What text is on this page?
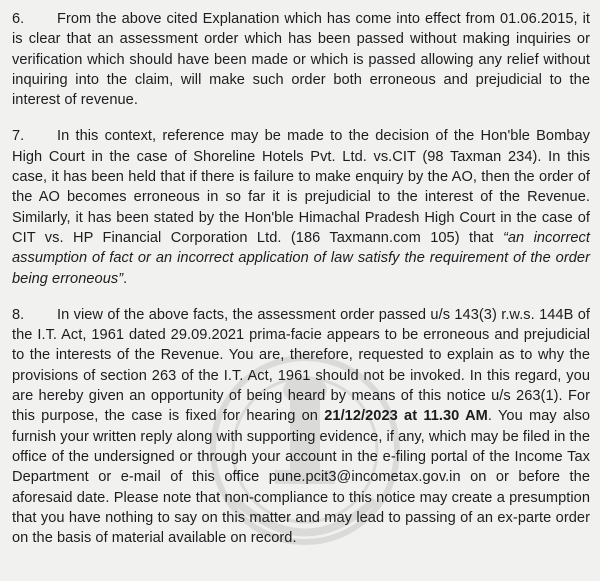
6. From the above cited Explanation which has come into effect from 01.06.2015, it is clear that an assessment order which has been passed without making inquiries or verification which should have been made or which is passed allowing any relief without inquiring into the claim, will make such order both erroneous and prejudicial to the interest of revenue.

7. In this context, reference may be made to the decision of the Hon'ble Bombay High Court in the case of Shoreline Hotels Pvt. Ltd. vs.CIT (98 Taxman 234). In this case, it has been held that if there is failure to make enquiry by the AO, then the order of the AO becomes erroneous in so far it is prejudicial to the interest of the Revenue. Similarly, it has been stated by the Hon'ble Himachal Pradesh High Court in the case of CIT vs. HP Financial Corporation Ltd. (186 Taxmann.com 105) that “an incorrect assumption of fact or an incorrect application of law satisfy the requirement of the order being erroneous”.

8. In view of the above facts, the assessment order passed u/s 143(3) r.w.s. 144B of the I.T. Act, 1961 dated 29.09.2021 prima-facie appears to be erroneous and prejudicial to the interests of the Revenue. You are, therefore, requested to explain as to why the provisions of section 263 of the I.T. Act, 1961 should not be invoked. In this regard, you are hereby given an opportunity of being heard by means of this notice u/s 263(1). For this purpose, the case is fixed for hearing on 21/12/2023 at 11.30 AM. You may also furnish your written reply along with supporting evidence, if any, which may be filed in the office of the undersigned or through your account in the e-filing portal of the Income Tax Department or e-mail of this office pune.pcit3@incometax.gov.in on or before the aforesaid date. Please note that non-compliance to this notice may create a presumption that you have nothing to say on this matter and may lead to passing of an ex-parte order on the basis of material available on record.
